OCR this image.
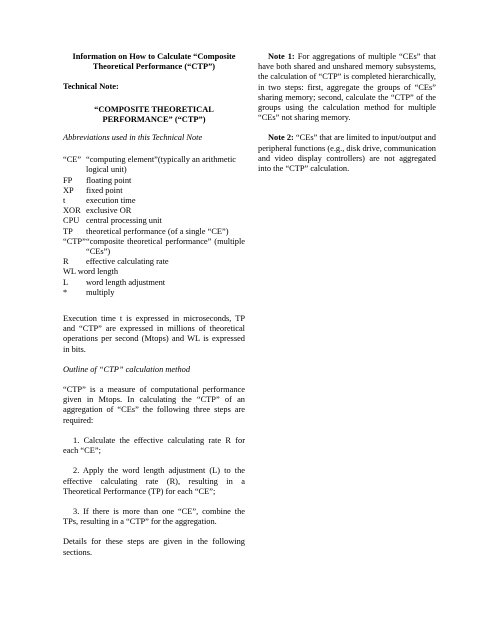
Information on How to Calculate “Composite

Theoretical Performance (“CTP”)

Technical Note:

“COMPOSITE THEORETICAL

PERFORMANCE” (“CTP”)

Abbreviations used in this Technical Note

“CE” “computing element”(typically an arithmetic logical unit)
FP	floating point
XP	fixed point
t	execution time
XOR exclusive OR
CPU central processing unit
TP	theoretical performance (of a single “CE”)
“CTP” “composite theoretical performance” (multiple “CEs”)
R	effective calculating rate

WL word length

L	word length adjustment
*	multiply

Execution time t is expressed in microseconds, TP and “CTP” are expressed in millions of theoretical operations per second (Mtops) and WL is expressed in bits.

Outline of “CTP” calculation method

“CTP” is a measure of computational performance given in Mtops. In calculating the “CTP” of an aggregation of “CEs” the following three steps are required:

1. Calculate the effective calculating rate R for each “CE”;

2. Apply the word length adjustment (L) to the effective calculating rate (R), resulting in a Theoretical Performance (TP) for each “CE”;

3. If there is more than one “CE”, combine the TPs, resulting in a “CTP” for the aggregation.

Details for these steps are given in the following sections.

Note 1: For aggregations of multiple “CEs” that have both shared and unshared memory subsystems, the calculation of “CTP” is completed hierarchically, in two steps: first, aggregate the groups of “CEs” sharing memory; second, calculate the “CTP” of the groups using the calculation method for multiple “CEs” not sharing memory.

Note 2: “CEs” that are limited to input/output and peripheral functions (e.g., disk drive, communication and video display controllers) are not aggregated into the “CTP” calculation.
